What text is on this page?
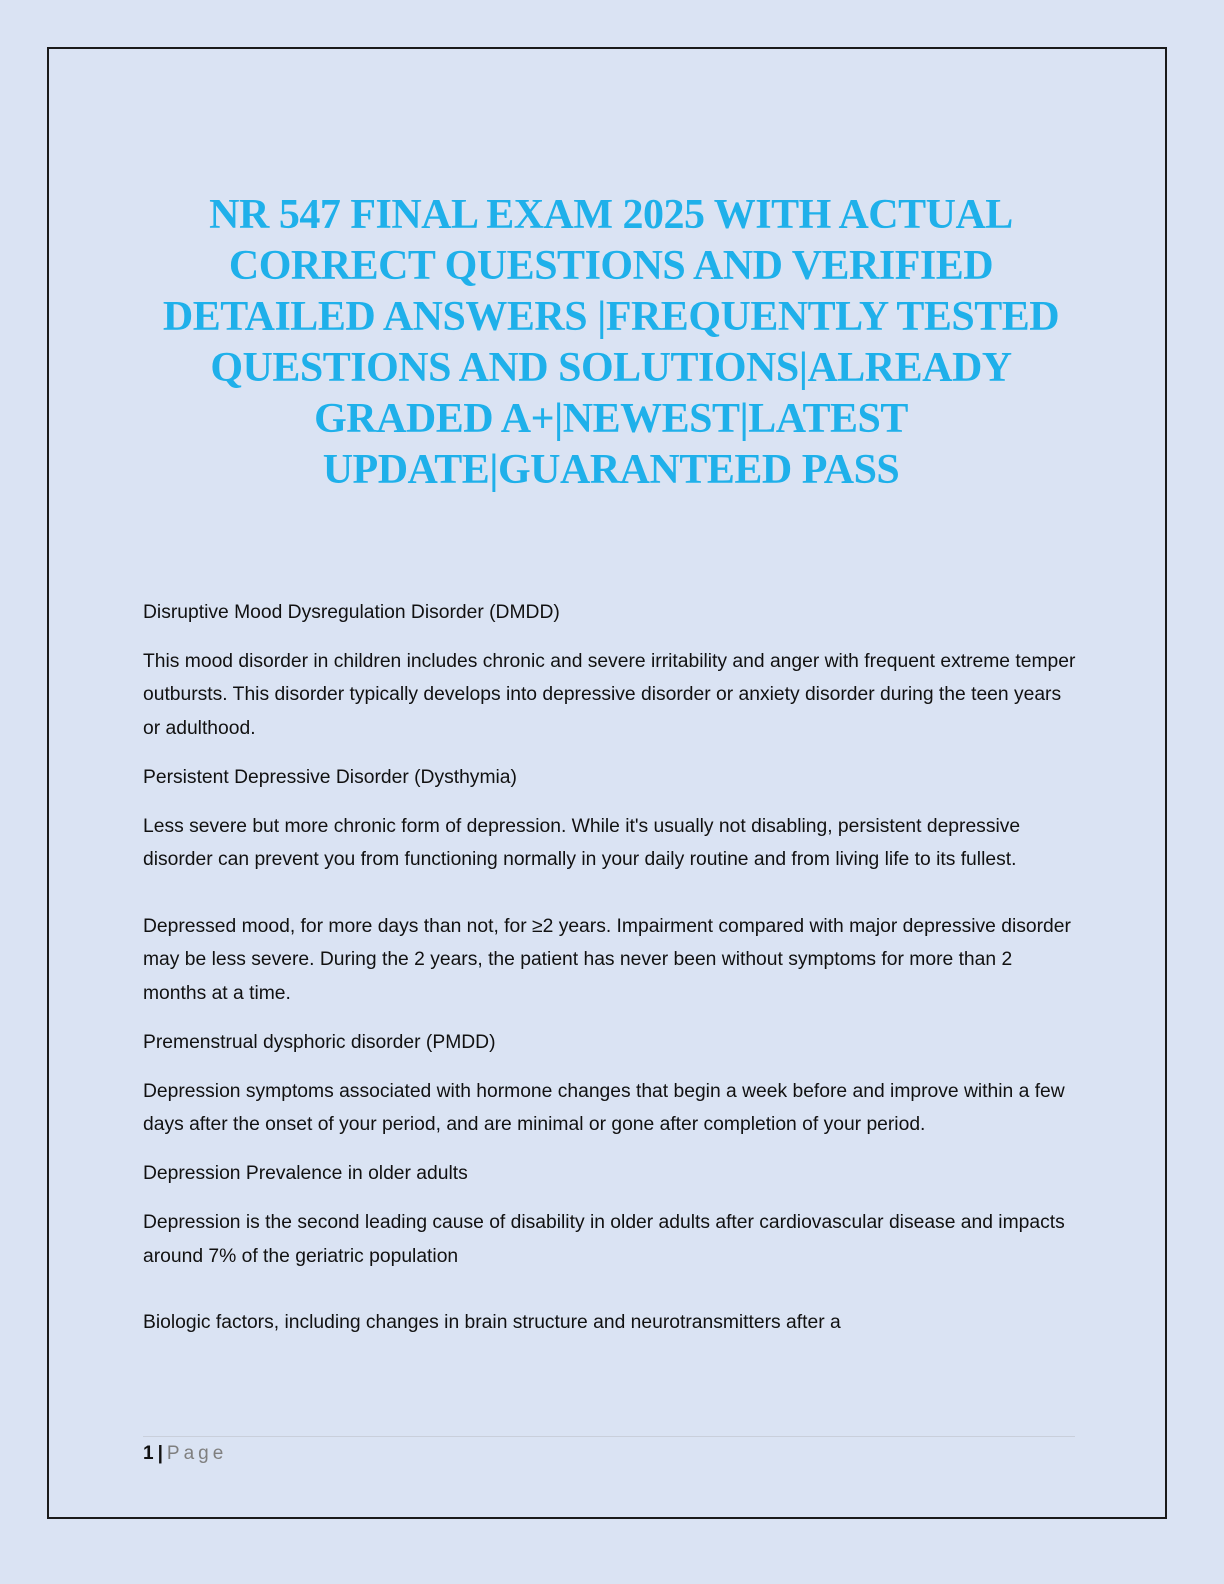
NR 547 FINAL EXAM 2025 WITH ACTUAL CORRECT QUESTIONS AND VERIFIED DETAILED ANSWERS |FREQUENTLY TESTED QUESTIONS AND SOLUTIONS|ALREADY GRADED A+|NEWEST|LATEST UPDATE|GUARANTEED PASS

Disruptive Mood Dysregulation Disorder (DMDD)

This mood disorder in children includes chronic and severe irritability and anger with frequent extreme temper outbursts. This disorder typically develops into depressive disorder or anxiety disorder during the teen years or adulthood.

Persistent Depressive Disorder (Dysthymia)

Less severe but more chronic form of depression. While it's usually not disabling, persistent depressive disorder can prevent you from functioning normally in your daily routine and from living life to its fullest.

Depressed mood, for more days than not, for ≥2 years. Impairment compared with major depressive disorder may be less severe. During the 2 years, the patient has never been without symptoms for more than 2 months at a time.

Premenstrual dysphoric disorder (PMDD)

Depression symptoms associated with hormone changes that begin a week before and improve within a few days after the onset of your period, and are minimal or gone after completion of your period.

Depression Prevalence in older adults

Depression is the second leading cause of disability in older adults after cardiovascular disease and impacts around 7% of the geriatric population

Biologic factors, including changes in brain structure and neurotransmitters after a

1 | Page
